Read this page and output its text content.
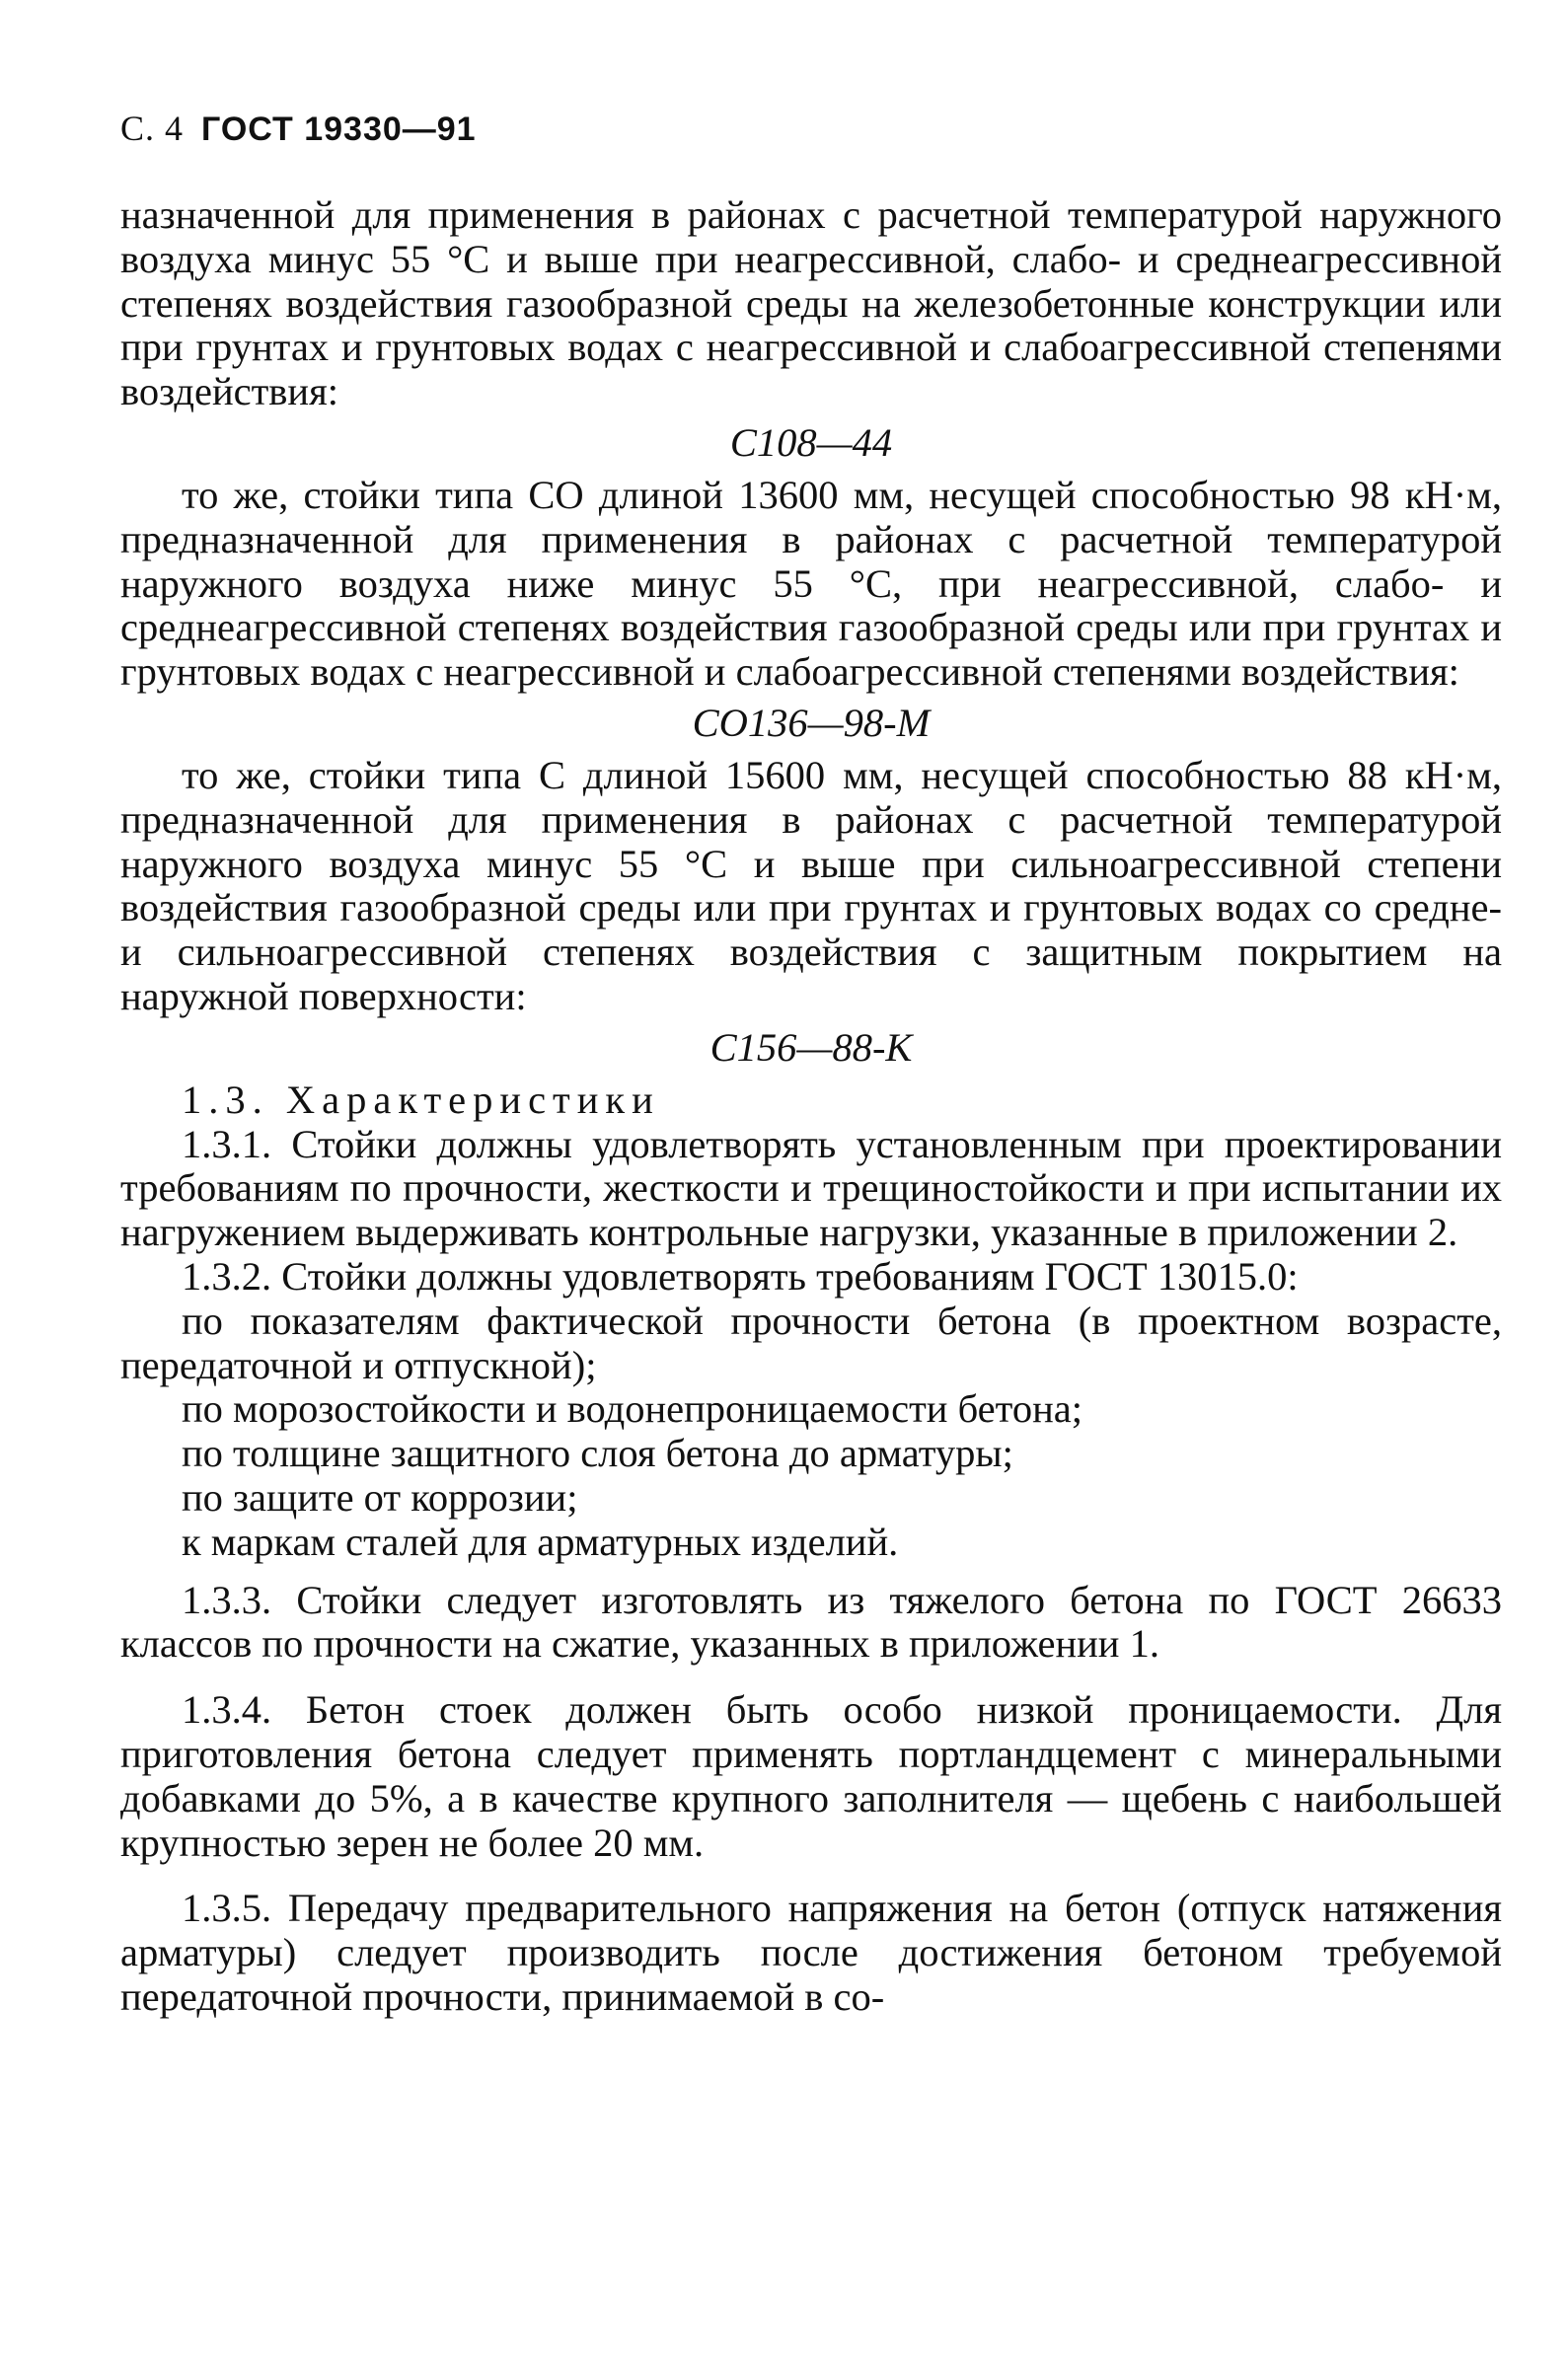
С. 4 ГОСТ 19330—91

назначенной для применения в районах с расчетной температурой наружного воздуха минус 55 °С и выше при неагрессивной, слабо- и среднеагрессивной степенях воздействия газообразной среды на железобетонные конструкции или при грунтах и грунтовых водах с неагрессивной и слабоагрессивной степенями воздействия:

С108—44

то же, стойки типа СО длиной 13600 мм, несущей способностью 98 кН·м, предназначенной для применения в районах с расчетной температурой наружного воздуха ниже минус 55 °С, при неагрессивной, слабо- и среднеагрессивной степенях воздействия газообразной среды или при грунтах и грунтовых водах с неагрессивной и слабоагрессивной степенями воздействия:

СО136—98-М

то же, стойки типа С длиной 15600 мм, несущей способностью 88 кН·м, предназначенной для применения в районах с расчетной температурой наружного воздуха минус 55 °С и выше при сильноагрессивной степени воздействия газообразной среды или при грунтах и грунтовых водах со средне- и сильноагрессивной степенях воздействия с защитным покрытием на наружной поверхности:

С156—88-К

1.3. Характеристики

1.3.1. Стойки должны удовлетворять установленным при проектировании требованиям по прочности, жесткости и трещиностойкости и при испытании их нагружением выдерживать контрольные нагрузки, указанные в приложении 2.

1.3.2. Стойки должны удовлетворять требованиям ГОСТ 13015.0:

по показателям фактической прочности бетона (в проектном возрасте, передаточной и отпускной);

по морозостойкости и водонепроницаемости бетона;

по толщине защитного слоя бетона до арматуры;

по защите от коррозии;

к маркам сталей для арматурных изделий.

1.3.3. Стойки следует изготовлять из тяжелого бетона по ГОСТ 26633 классов по прочности на сжатие, указанных в приложении 1.

1.3.4. Бетон стоек должен быть особо низкой проницаемости. Для приготовления бетона следует применять портландцемент с минеральными добавками до 5%, а в качестве крупного заполнителя — щебень с наибольшей крупностью зерен не более 20 мм.

1.3.5. Передачу предварительного напряжения на бетон (отпуск натяжения арматуры) следует производить после достижения бетоном требуемой передаточной прочности, принимаемой в со-
